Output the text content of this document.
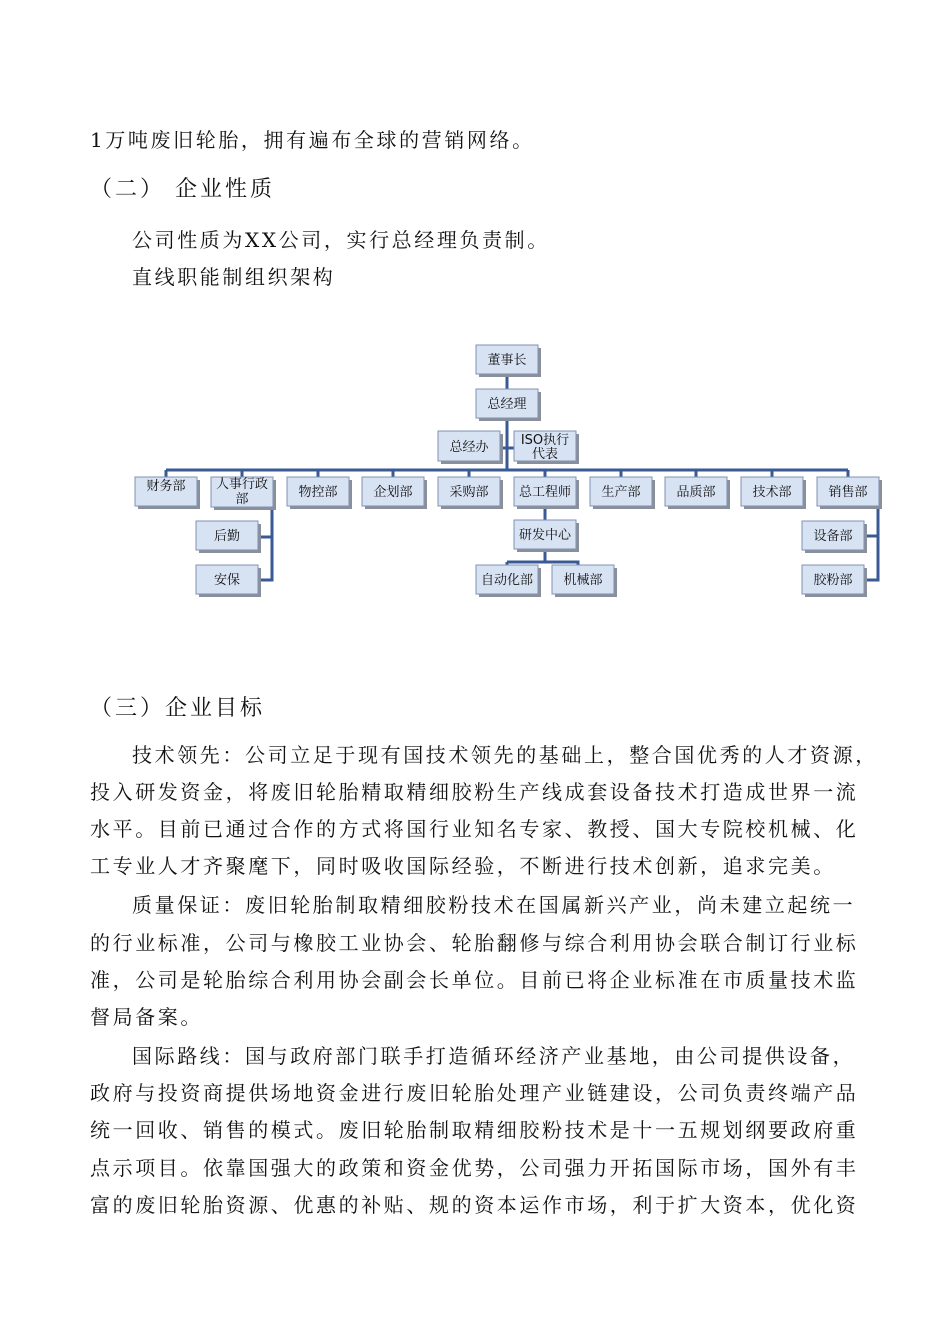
1万吨废旧轮胎，拥有遍布全球的营销网络。
（二） 企业性质
公司性质为XX公司，实行总经理负责制。
直线职能制组织架构
董事长
总经理
总经办 ISO执行
代表
财务部 人事行政
部	物控部	企划部	采购部 总工程师 生产部	品质部	技术部	销售部
后勤
安保
研发中心
自动化部 机械部
设备部
胶粉部
（三）企业目标
技术领先：公司立足于现有国技术领先的基础上，整合国优秀的人才资源，
投入研发资金，将废旧轮胎精取精细胶粉生产线成套设备技术打造成世界一流
水平。目前已通过合作的方式将国行业知名专家、教授、国大专院校机械、化
工专业人才齐聚麾下，同时吸收国际经验，不断进行技术创新，追求完美。
质量保证：废旧轮胎制取精细胶粉技术在国属新兴产业，尚未建立起统一
的行业标准，公司与橡胶工业协会、轮胎翻修与综合利用协会联合制订行业标
准，公司是轮胎综合利用协会副会长单位。目前已将企业标准在市质量技术监
督局备案。
国际路线：国与政府部门联手打造循环经济产业基地，由公司提供设备，
政府与投资商提供场地资金进行废旧轮胎处理产业链建设，公司负责终端产品
统一回收、销售的模式。废旧轮胎制取精细胶粉技术是十一五规划纲要政府重
点示项目。依靠国强大的政策和资金优势，公司强力开拓国际市场，国外有丰
富的废旧轮胎资源、优惠的补贴、规的资本运作市场，利于扩大资本，优化资
